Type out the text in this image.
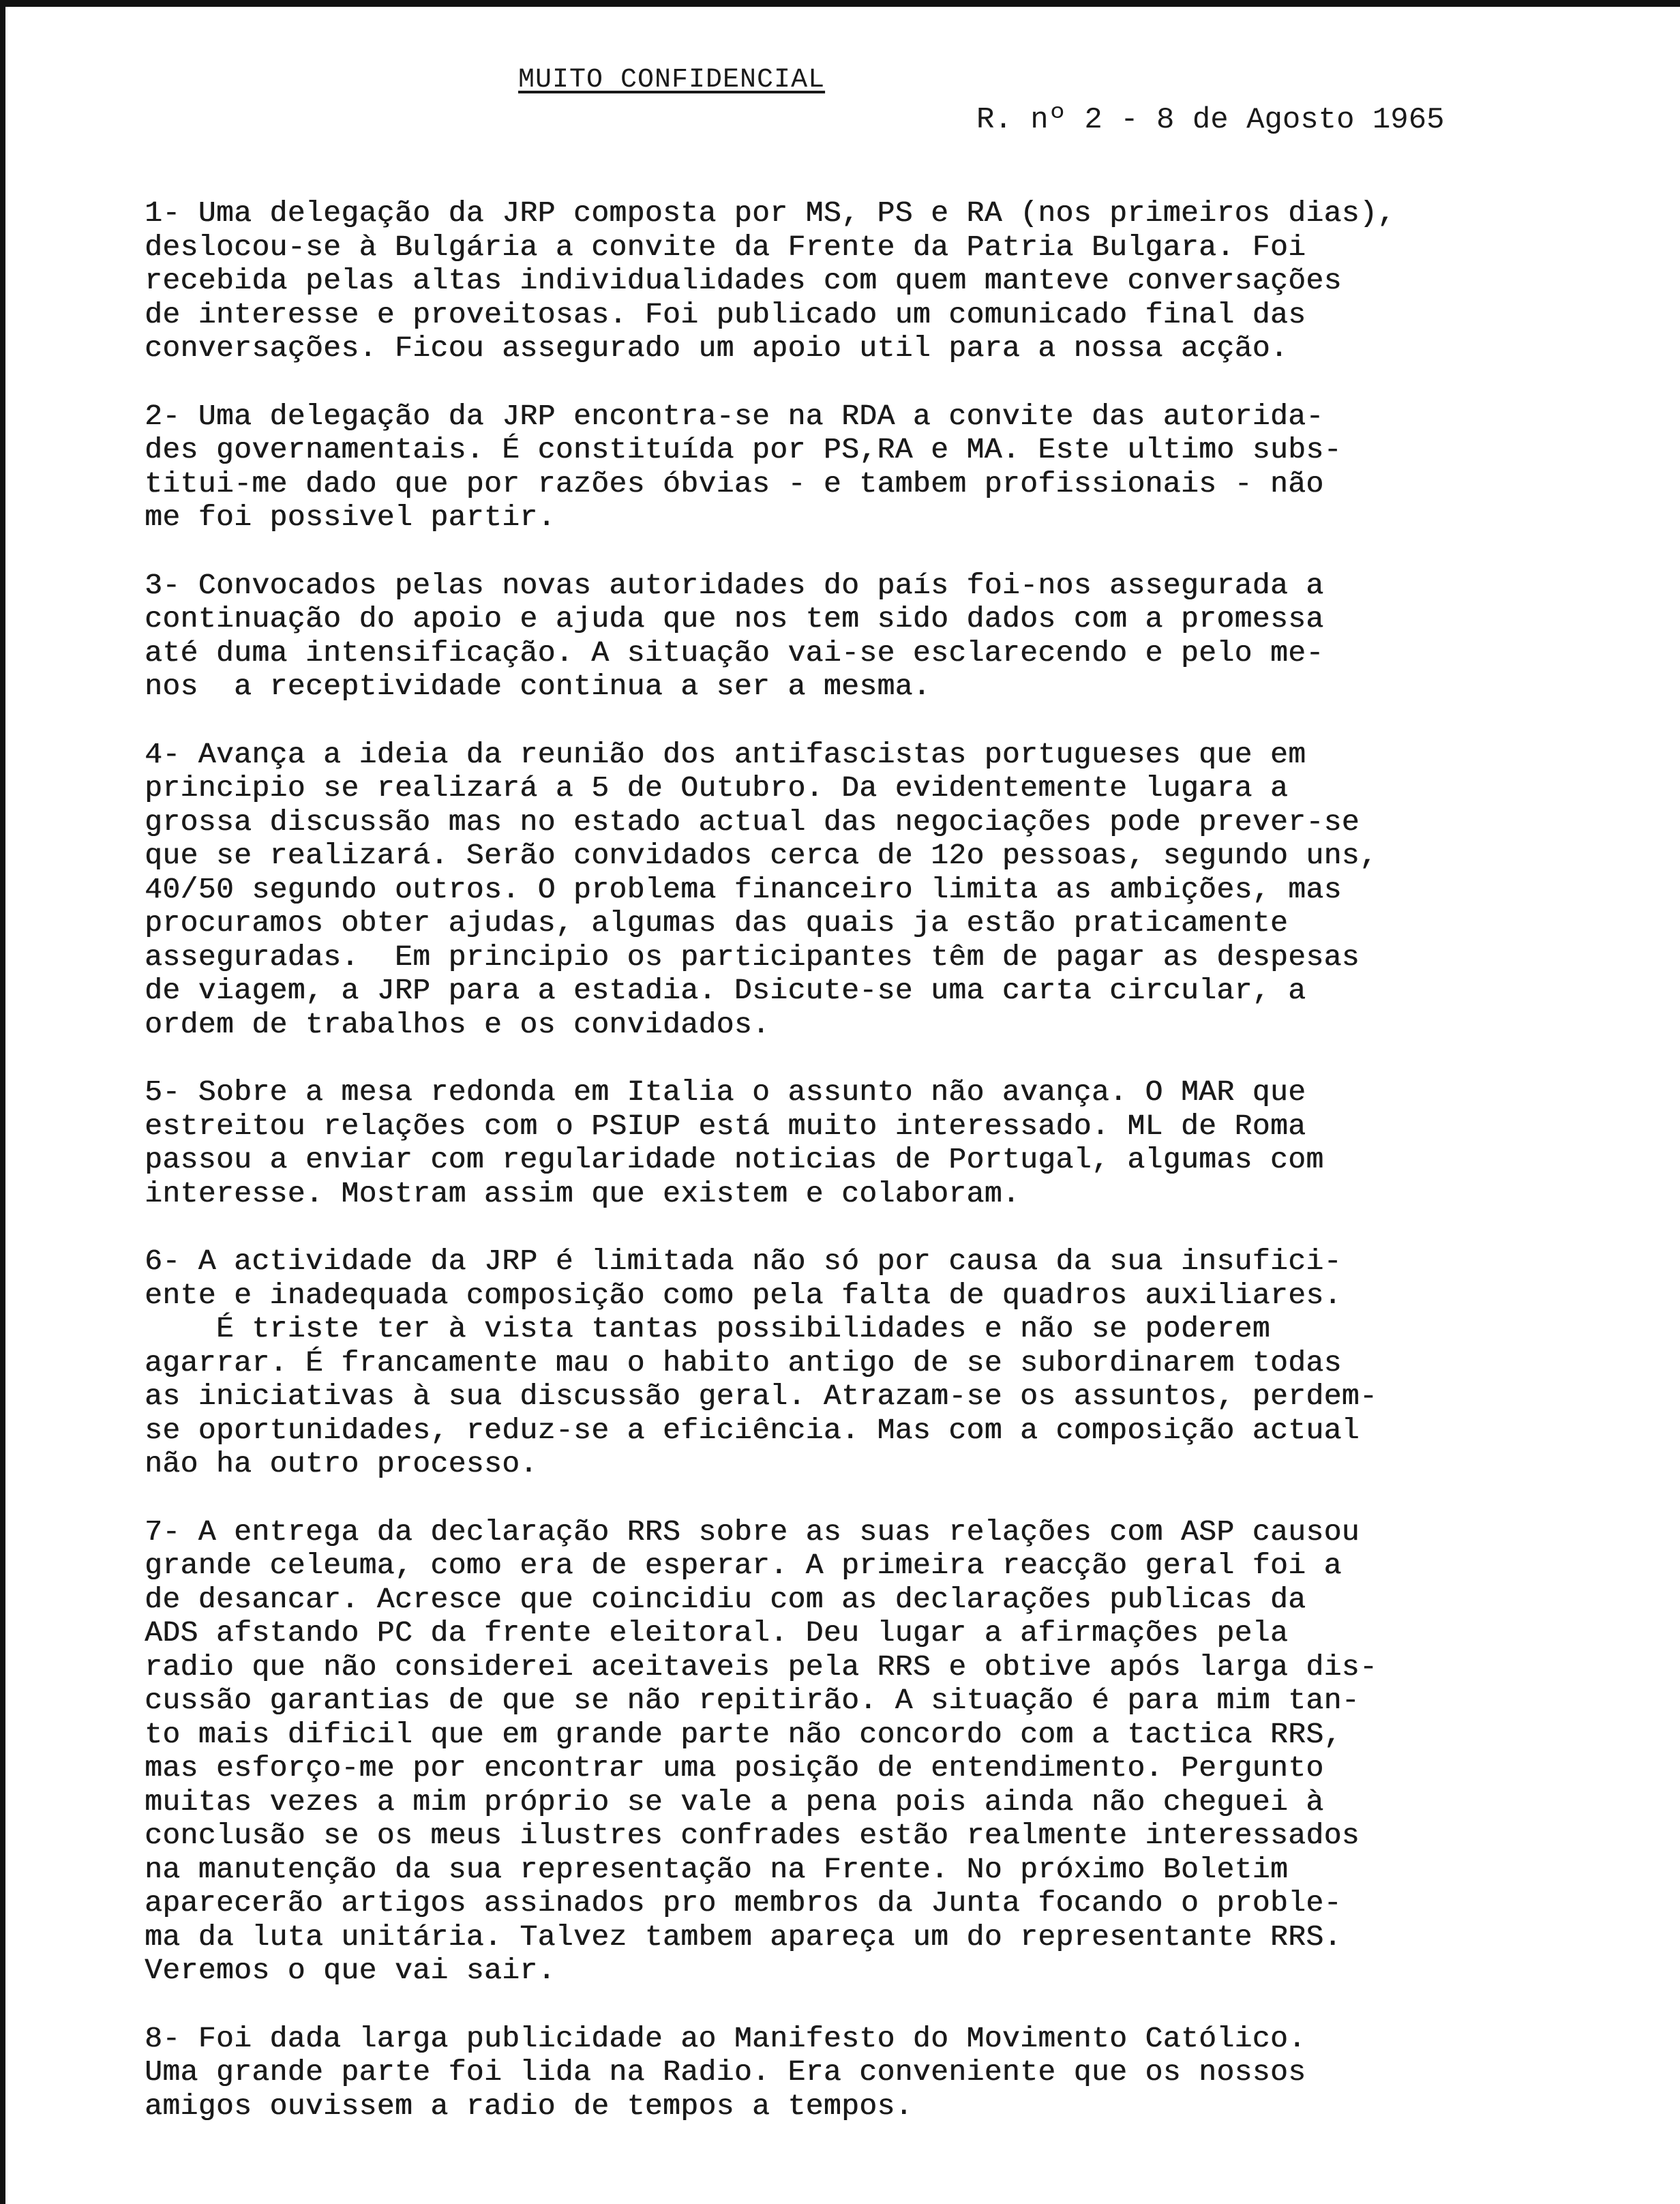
MUITO CONFIDENCIAL
R. nº 2 - 8 de Agosto 1965

1- Uma delegação da JRP composta por MS, PS e RA (nos primeiros dias),
deslocou-se à Bulgária a convite da Frente da Patria Bulgara. Foi
recebida pelas altas individualidades com quem manteve conversações
de interesse e proveitosas. Foi publicado um comunicado final das
conversações. Ficou assegurado um apoio util para a nossa acção.

2- Uma delegação da JRP encontra-se na RDA a convite das autorida-
des governamentais. É constituída por PS,RA e MA. Este ultimo subs-
titui-me dado que por razões óbvias - e tambem profissionais - não
me foi possivel partir.

3- Convocados pelas novas autoridades do país foi-nos assegurada a
continuação do apoio e ajuda que nos tem sido dados com a promessa
até duma intensificação. A situação vai-se esclarecendo e pelo me-
nos  a receptividade continua a ser a mesma.

4- Avança a ideia da reunião dos antifascistas portugueses que em
principio se realizará a 5 de Outubro. Da evidentemente lugara a
grossa discussão mas no estado actual das negociações pode prever-se
que se realizará. Serão convidados cerca de 12o pessoas, segundo uns,
40/50 segundo outros. O problema financeiro limita as ambições, mas
procuramos obter ajudas, algumas das quais ja estão praticamente
asseguradas.  Em principio os participantes têm de pagar as despesas
de viagem, a JRP para a estadia. Dsicute-se uma carta circular, a
ordem de trabalhos e os convidados.

5- Sobre a mesa redonda em Italia o assunto não avança. O MAR que
estreitou relações com o PSIUP está muito interessado. ML de Roma
passou a enviar com regularidade noticias de Portugal, algumas com
interesse. Mostram assim que existem e colaboram.

6- A actividade da JRP é limitada não só por causa da sua insufici-
ente e inadequada composição como pela falta de quadros auxiliares.
É triste ter à vista tantas possibilidades e não se poderem
agarrar. É francamente mau o habito antigo de se subordinarem todas
as iniciativas à sua discussão geral. Atrazam-se os assuntos, perdem-
se oportunidades, reduz-se a eficiência. Mas com a composição actual
não ha outro processo.

7- A entrega da declaração RRS sobre as suas relações com ASP causou
grande celeuma, como era de esperar. A primeira reacção geral foi a
de desancar. Acresce que coincidiu com as declarações publicas da
ADS afstando PC da frente eleitoral. Deu lugar a afirmações pela
radio que não considerei aceitaveis pela RRS e obtive após larga dis-
cussão garantias de que se não repitirão. A situação é para mim tan-
to mais dificil que em grande parte não concordo com a tactica RRS,
mas esforço-me por encontrar uma posição de entendimento. Pergunto
muitas vezes a mim próprio se vale a pena pois ainda não cheguei à
conclusão se os meus ilustres confrades estão realmente interessados
na manutenção da sua representação na Frente. No próximo Boletim
aparecerão artigos assinados pro membros da Junta focando o proble-
ma da luta unitária. Talvez tambem apareça um do representante RRS.
Veremos o que vai sair.

8- Foi dada larga publicidade ao Manifesto do Movimento Católico.
Uma grande parte foi lida na Radio. Era conveniente que os nossos
amigos ouvissem a radio de tempos a tempos.
